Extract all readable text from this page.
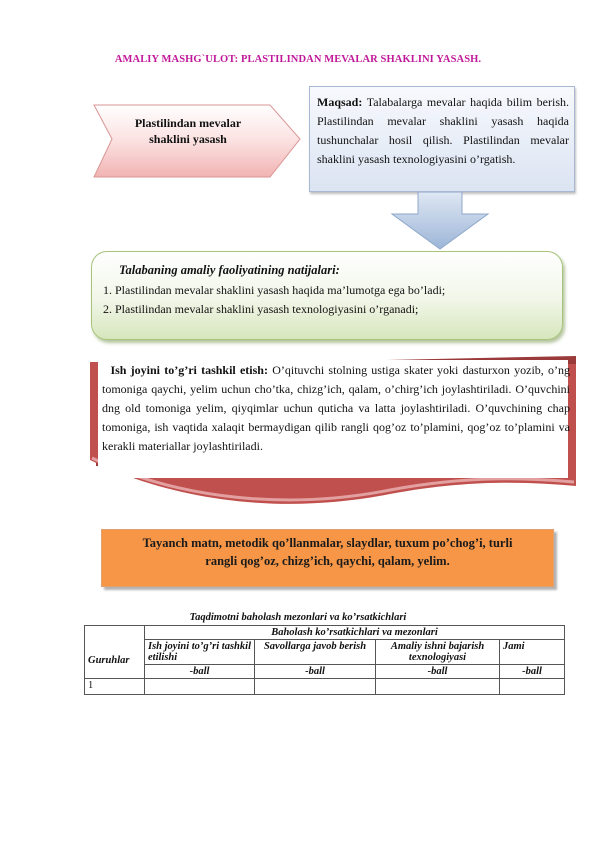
AMALIY MASHG`ULOT: PLASTILINDAN MEVALAR SHAKLINI YASASH.
Plastilindan mevalar
shaklini yasash
Maqsad: Talabalarga mevalar haqida bilim berish. Plastilindan mevalar shaklini yasash haqida tushunchalar hosil qilish. Plastilindan mevalar shaklini yasash texnologiyasini o’rgatish.
Talabaning amaliy faoliyatining natijalari:
1. Plastilindan mevalar shaklini yasash haqida ma’lumotga ega bo’ladi;
2. Plastilindan mevalar shaklini yasash texnologiyasini o’rganadi;
Ish joyini to’g’ri tashkil etish: O’qituvchi stolning ustiga skater yoki dasturxon yozib, o’ng tomoniga qaychi, yelim uchun cho’tka, chizg’ich, qalam, o’chirg’ich joylashtiriladi. O’quvchini dng old tomoniga yelim, qiyqimlar uchun quticha va latta joylashtiriladi. O’quvchining chap tomoniga, ish vaqtida xalaqit bermaydigan qilib rangli qog’oz to’plamini, qog’oz to’plamini va kerakli materiallar joylashtiriladi.
Tayanch matn, metodik qo’llanmalar, slaydlar, tuxum po’chog’i, turli
rangli qog’oz, chizg’ich, qaychi, qalam, yelim.
Taqdimotni baholash mezonlari va ko’rsatkichlari
Guruhlar	Baholash ko’rsatkichlari va mezonlari			
	Ish joyini to’g’ri tashkil etilishi	Savollarga javob berish	Amaliy ishni bajarish texnologiyasi	Jami
	-ball	-ball	-ball	-ball
1				
